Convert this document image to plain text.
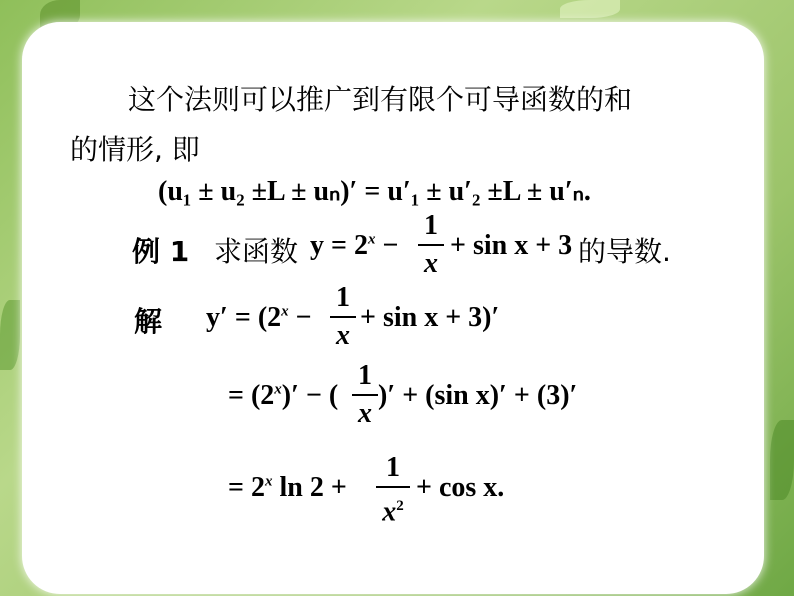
这个法则可以推广到有限个可导函数的和
的情形, 即
(u₁ ± u₂ ±L ± uₙ)′ = u′₁ ± u′₂ ±L ± u′ₙ.
例 1 求函数 $y = 2^x$ −
1
x
+ sin x + 3 的导数.
解 $y' = (2^x$ −
1
x
+ sin x + 3)′
= $(2^x)'$ − (
1
x
)′ + (sin x)′ + (3)′
= $2^x$ ln 2 +
1
$x^2$
+ cos x.
